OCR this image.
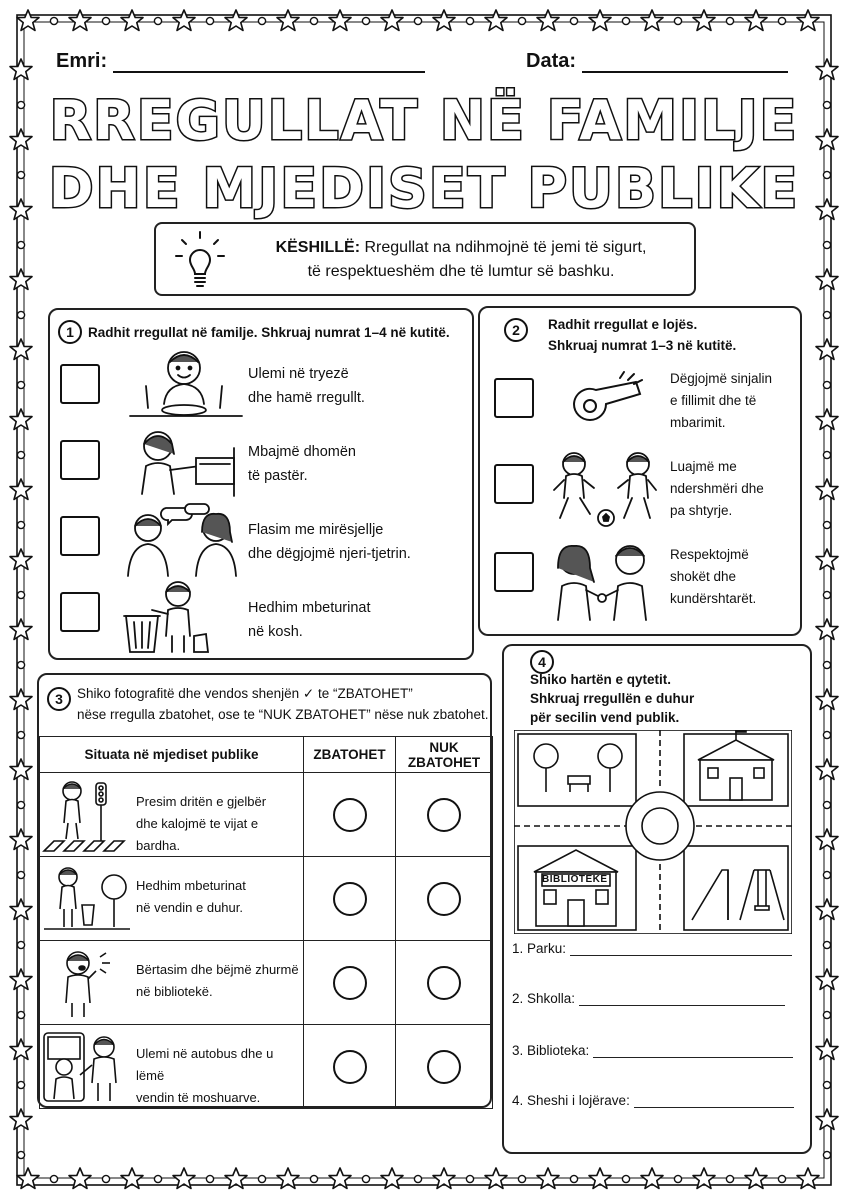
Emri:	Data:
RREGULLAT NË FAMILJE
DHE MJEDISET PUBLIKE
KËSHILLË: Rregullat na ndihmojnë të jemi të sigurt,
të respektueshëm dhe të lumtur së bashku.
1	Radhit rregullat në familje. Shkruaj numrat 1–4 në kutitë.
Ulemi në tryezë
dhe hamë rregullt.
Mbajmë dhomën
të pastër.
Flasim me mirësjellje
dhe dëgjojmë njeri-tjetrin.
Hedhim mbeturinat
në kosh.
2	Radhit rregullat e lojës.
Shkruaj numrat 1–3 në kutitë.
Dëgjojmë sinjalin
e fillimit dhe të
mbarimit.
Luajmë me
ndershmëri dhe
pa shtyrje.
Respektojmë
shokët dhe
kundërshtarët.
3	Shiko fotografitë dhe vendos shenjën ✓ te “ZBATOHET”
nëse rregulla zbatohet, ose te “NUK ZBATOHET” nëse nuk zbatohet.
Situata në mjediset publike	ZBATOHET	NUK ZBATOHET

Presim dritën e gjelbër
dhe kalojmë te vijat e bardha.		

Hedhim mbeturinat
në vendin e duhur.		

Bërtasim dhe bëjmë zhurmë
në bibliotekë.		

Ulemi në autobus dhe u lëmë
vendin të moshuarve.		

4
Shiko hartën e qytetit.
Shkruaj rregullën e duhur
për secilin vend publik.
BIBLIOTEKË
1. Parku:
2. Shkolla:
3. Biblioteka:
4. Sheshi i lojërave:
